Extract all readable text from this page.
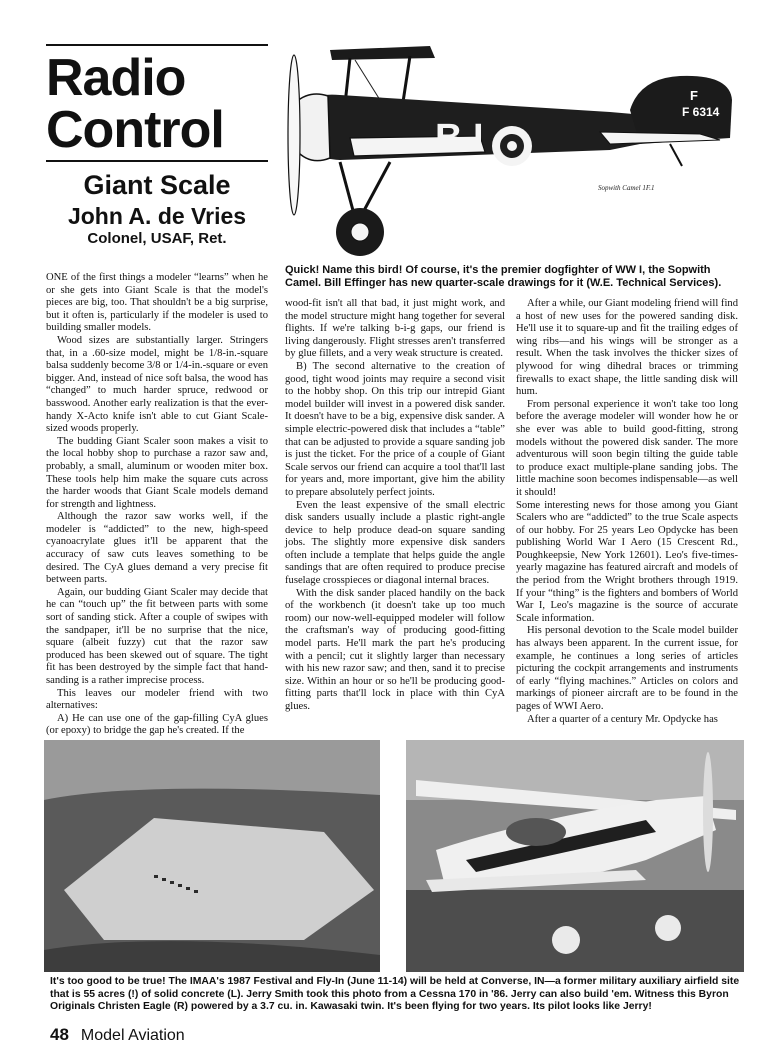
Radio
Control
Giant Scale
John A. de Vries
Colonel, USAF, Ret.
F
F 6314
B I
Sopwith Camel 1F.1
Quick! Name this bird! Of course, it's the premier dogfighter of WW I, the Sopwith Camel. Bill Effinger has new quarter-scale drawings for it (W.E. Technical Services).

ONE of the first things a modeler “learns” when he or she gets into Giant Scale is that the model's pieces are big, too. That shouldn't be a big surprise, but it often is, particularly if the modeler is used to building smaller models.

Wood sizes are substantially larger. Stringers that, in a .60-size model, might be 1/8-in.-square balsa suddenly become 3/8 or 1/4-in.-square or even bigger. And, instead of nice soft balsa, the wood has “changed” to much harder spruce, redwood or basswood. Another early realization is that the ever-handy X-Acto knife isn't able to cut Giant Scale-sized woods properly.

The budding Giant Scaler soon makes a visit to the local hobby shop to purchase a razor saw and, probably, a small, aluminum or wooden miter box. These tools help him make the square cuts across the harder woods that Giant Scale models demand for strength and lightness.

Although the razor saw works well, if the modeler is “addicted” to the new, high-speed cyanoacrylate glues it'll be apparent that the accuracy of saw cuts leaves something to be desired. The CyA glues demand a very precise fit between parts.

Again, our budding Giant Scaler may decide that he can “touch up” the fit between parts with some sort of sanding stick. After a couple of swipes with the sandpaper, it'll be no surprise that the nice, square (albeit fuzzy) cut that the razor saw produced has been skewed out of square. The tight fit has been destroyed by the simple fact that hand-sanding is a rather imprecise process.

This leaves our modeler friend with two alternatives:

A) He can use one of the gap-filling CyA glues (or epoxy) to bridge the gap he's created. If the

wood-fit isn't all that bad, it just might work, and the model structure might hang together for several flights. If we're talking b-i-g gaps, our friend is living dangerously. Flight stresses aren't transferred by glue fillets, and a very weak structure is created.

B) The second alternative to the creation of good, tight wood joints may require a second visit to the hobby shop. On this trip our intrepid Giant model builder will invest in a powered disk sander. It doesn't have to be a big, expensive disk sander. A simple electric-powered disk that includes a “table” that can be adjusted to provide a square sanding job is just the ticket. For the price of a couple of Giant Scale servos our friend can acquire a tool that'll last for years and, more important, give him the ability to prepare absolutely perfect joints.

Even the least expensive of the small electric disk sanders usually include a plastic right-angle device to help produce dead-on square sanding jobs. The slightly more expensive disk sanders often include a template that helps guide the angle sandings that are often required to produce precise fuselage crosspieces or diagonal internal braces.

With the disk sander placed handily on the back of the workbench (it doesn't take up too much room) our now-well-equipped modeler will follow the craftsman's way of producing good-fitting model parts. He'll mark the part he's producing with a pencil; cut it slightly larger than necessary with his new razor saw; and then, sand it to precise size. Within an hour or so he'll be producing good-fitting parts that'll lock in place with thin CyA glues.

After a while, our Giant modeling friend will find a host of new uses for the powered sanding disk. He'll use it to square-up and fit the trailing edges of wing ribs—and his wings will be stronger as a result. When the task involves the thicker sizes of plywood for wing dihedral braces or trimming firewalls to exact shape, the little sanding disk will hum.

From personal experience it won't take too long before the average modeler will wonder how he or she ever was able to build good-fitting, strong models without the powered disk sander. The more adventurous will soon begin tilting the guide table to produce exact multiple-plane sanding jobs. The little machine soon becomes indispensable—as well it should!

Some interesting news for those among you Giant Scalers who are “addicted” to the true Scale aspects of our hobby. For 25 years Leo Opdycke has been publishing World War I Aero (15 Crescent Rd., Poughkeepsie, New York 12601). Leo's five-times-yearly magazine has featured aircraft and models of the period from the Wright brothers through 1919. If your “thing” is the fighters and bombers of World War I, Leo's magazine is the source of accurate Scale information.

His personal devotion to the Scale model builder has always been apparent. In the current issue, for example, he continues a long series of articles picturing the cockpit arrangements and instruments of early “flying machines.” Articles on colors and markings of pioneer aircraft are to be found in the pages of WWI Aero.

After a quarter of a century Mr. Opdycke has

It's too good to be true! The IMAA's 1987 Festival and Fly-In (June 11-14) will be held at Converse, IN—a former military auxiliary airfield site that is 55 acres (!) of solid concrete (L). Jerry Smith took this photo from a Cessna 170 in '86. Jerry can also build 'em. Witness this Byron Originals Christen Eagle (R) powered by a 3.7 cu. in. Kawasaki twin. It's been flying for two years. Its pilot looks like Jerry!
48 Model Aviation
